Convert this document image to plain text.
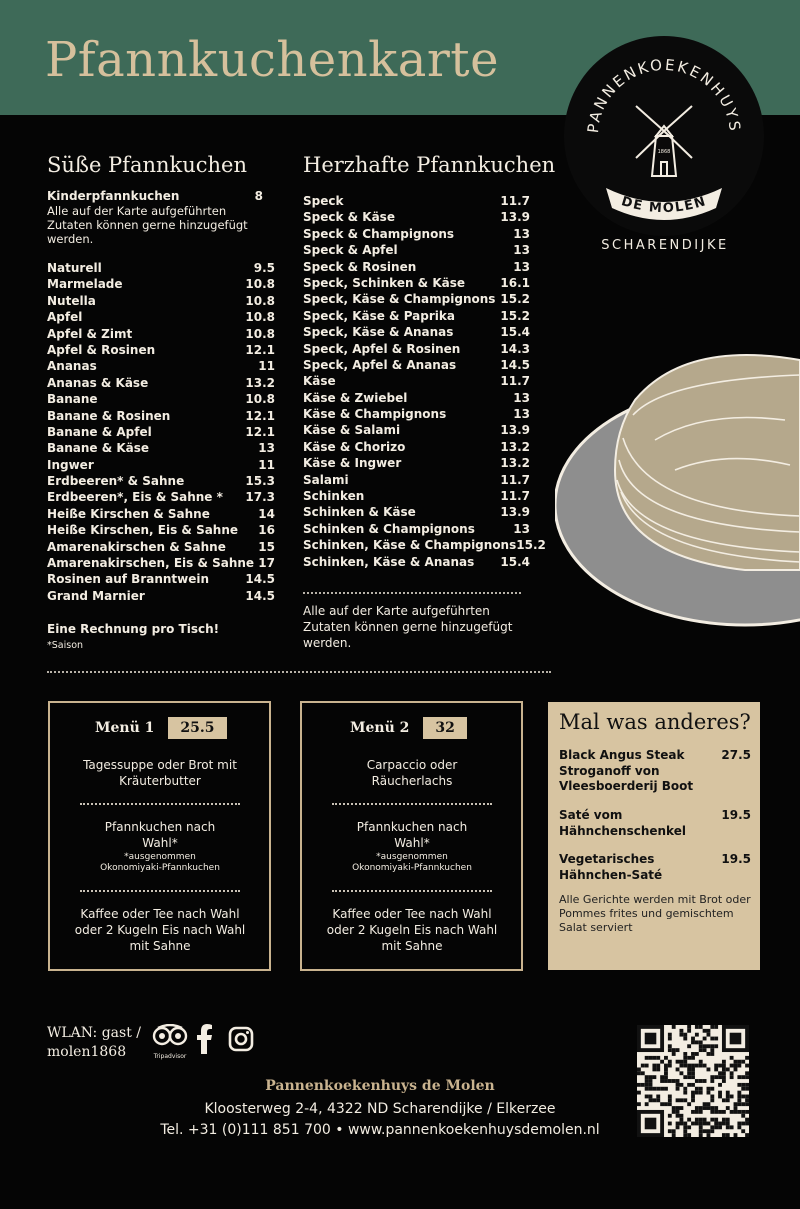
Pfannkuchenkarte
PANNENKOEKENHUYS
1868
DE MOLEN
SCHARENDIJKE
Süße Pfannkuchen
Kinderpfannkuchen	8
Alle auf der Karte aufgeführten Zutaten können gerne hinzugefügt werden.
Naturell	9.5
Marmelade	10.8
Nutella	10.8
Apfel	10.8
Apfel & Zimt	10.8
Apfel & Rosinen	12.1
Ananas	11
Ananas & Käse	13.2
Banane	10.8
Banane & Rosinen	12.1
Banane & Apfel	12.1
Banane & Käse	13
Ingwer	11
Erdbeeren* & Sahne	15.3
Erdbeeren*, Eis & Sahne * 17.3
Heiße Kirschen & Sahne	14
Heiße Kirschen, Eis & Sahne 16
Amarenakirschen & Sahne	15
Amarenakirschen, Eis & Sahne 17
Rosinen auf Branntwein	14.5
Grand Marnier	14.5
Eine Rechnung pro Tisch!
*Saison
Herzhafte Pfannkuchen
Speck	11.7
Speck & Käse	13.9
Speck & Champignons	13
Speck & Apfel	13
Speck & Rosinen	13
Speck, Schinken & Käse	16.1
Speck, Käse & Champignons 15.2
Speck, Käse & Paprika	15.2
Speck, Käse & Ananas	15.4
Speck, Apfel & Rosinen	14.3
Speck, Apfel & Ananas	14.5
Käse	11.7
Käse & Zwiebel	13
Käse & Champignons	13
Käse & Salami	13.9
Käse & Chorizo	13.2
Käse & Ingwer	13.2
Salami	11.7
Schinken	11.7
Schinken & Käse	13.9
Schinken & Champignons	13
Schinken, Käse & Champignons 15.2
Schinken, Käse & Ananas 15.4
Alle auf der Karte aufgeführten Zutaten können gerne hinzugefügt werden.
Menü 1	25.5
Tagessuppe oder Brot mit Kräuterbutter
Pfannkuchen nach Wahl*
*ausgenommen Okonomiyaki-Pfannkuchen
Kaffee oder Tee nach Wahl oder 2 Kugeln Eis nach Wahl mit Sahne
Menü 2	32
Carpaccio oder Räucherlachs
Pfannkuchen nach Wahl*
*ausgenommen Okonomiyaki-Pfannkuchen
Kaffee oder Tee nach Wahl oder 2 Kugeln Eis nach Wahl mit Sahne
Mal was anderes?
Black Angus Steak Stroganoff von Vleesboerderij Boot
27.5
Saté vom Hähnchenschenkel
19.5
Vegetarisches Hähnchen-Saté
19.5
Alle Gerichte werden mit Brot oder Pommes frites und gemischtem Salat serviert
WLAN: gast /
molen1868	Tripadvisor
Pannenkoekenhuys de Molen
Kloosterweg 2-4, 4322 ND Scharendijke / Elkerzee
Tel. +31 (0)111 851 700 • www.pannenkoekenhuysdemolen.nl
